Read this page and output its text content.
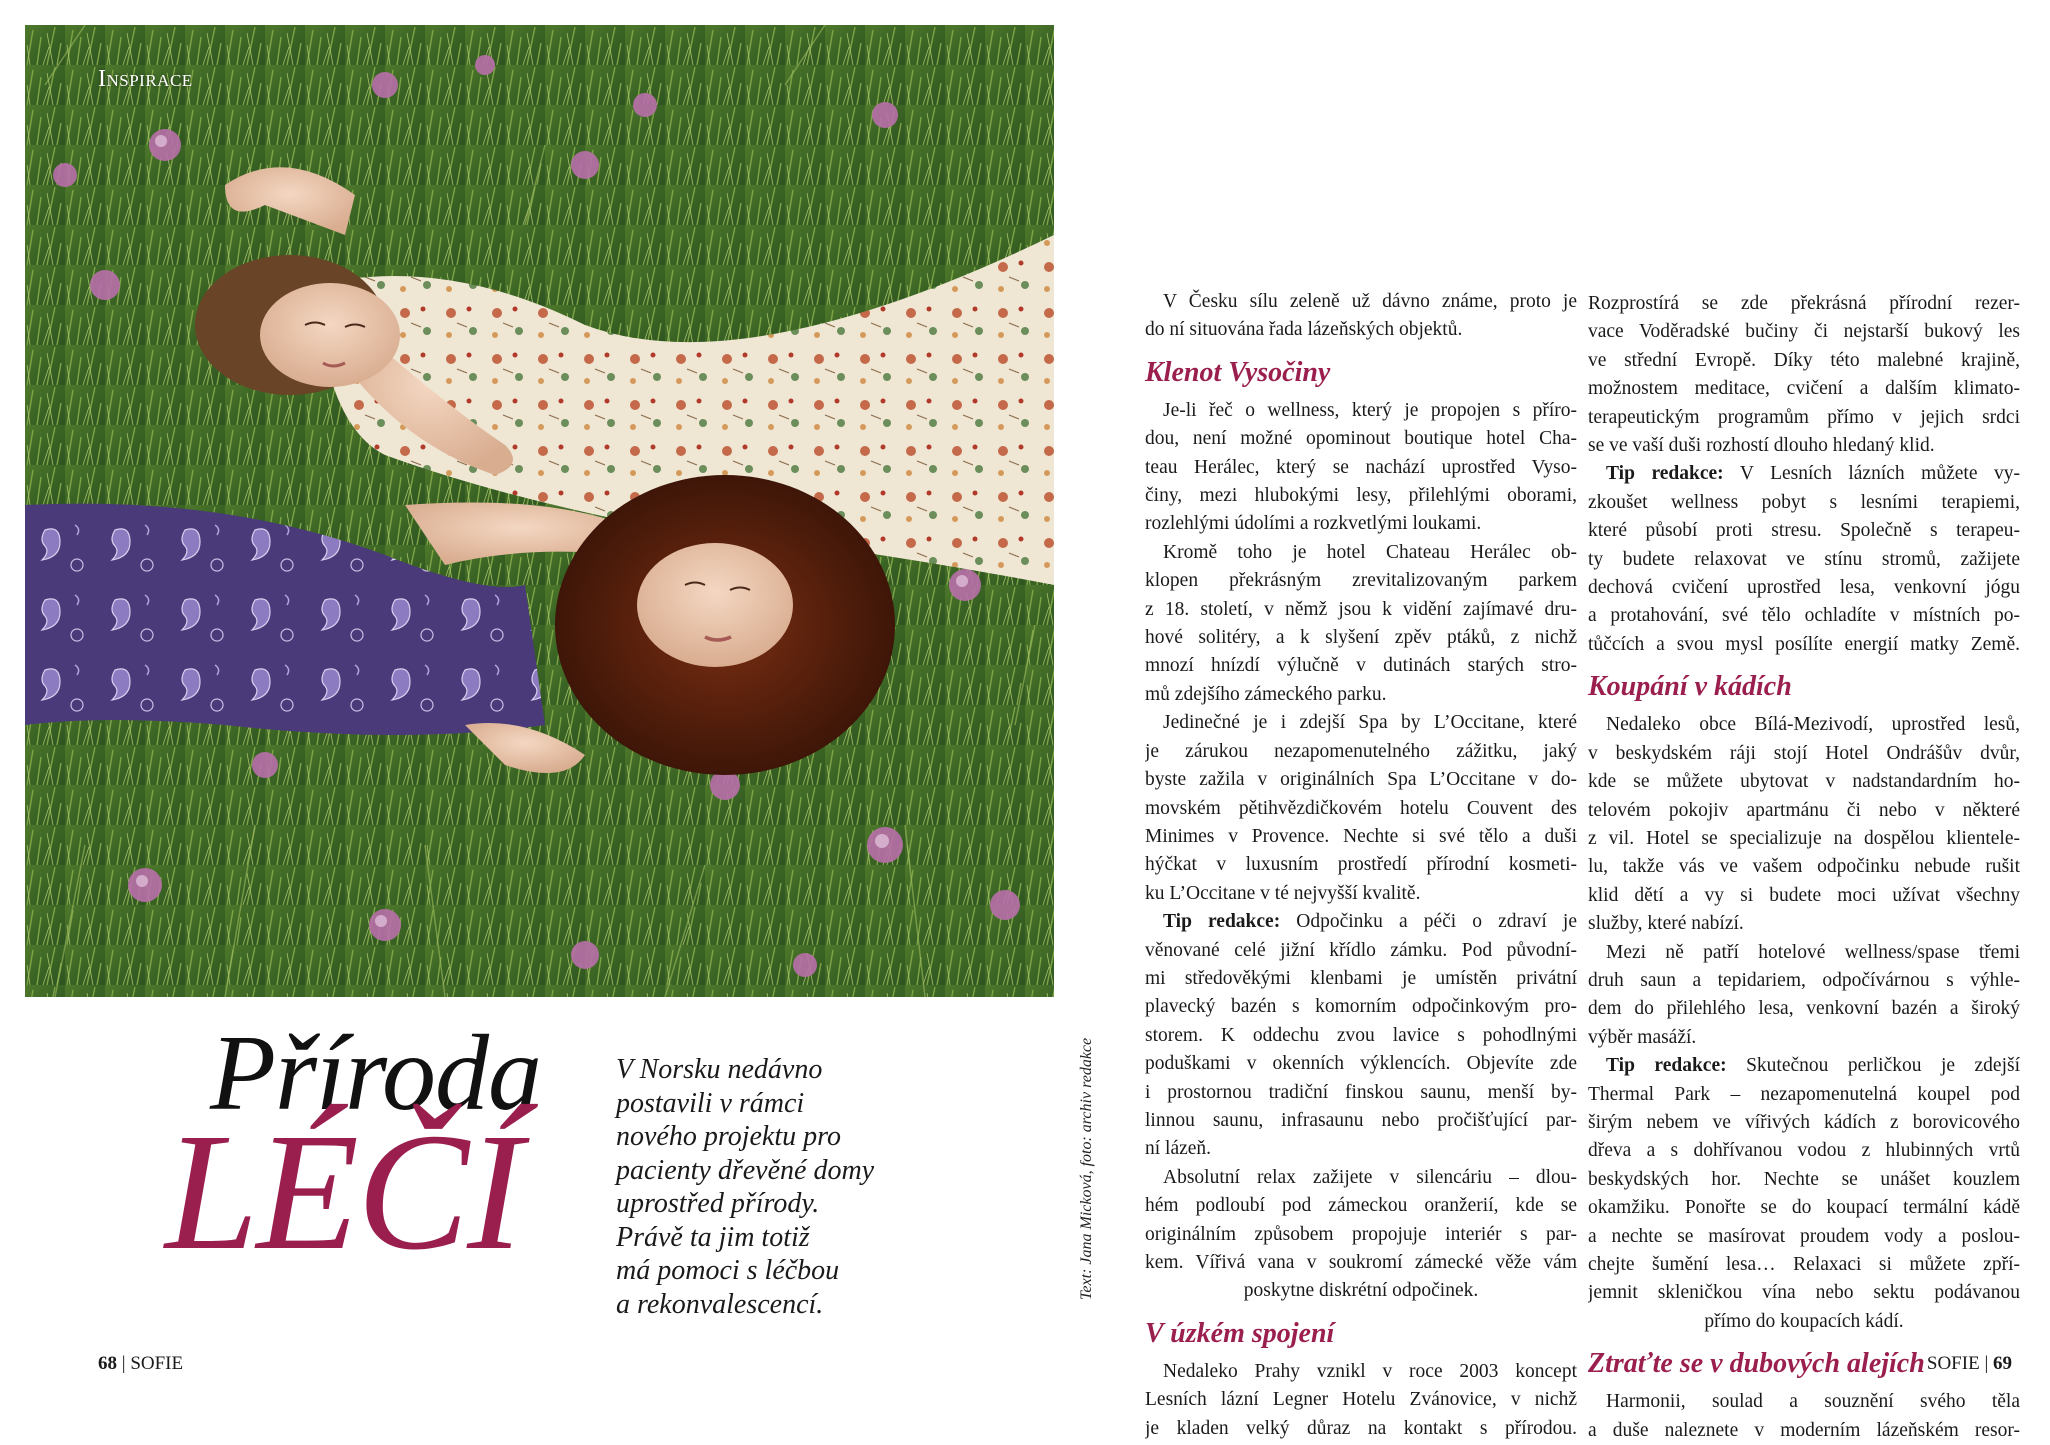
Inspirace
Příroda
LÉČÍ
V Norsku nedávno
postavili v rámci
nového projektu pro
pacienty dřevěné domy
uprostřed přírody.
Právě ta jim totiž
má pomoci s léčbou
a rekonvalescencí.
Text: Jana Micková, foto: archiv redakce
V Česku sílu zeleně už dávno známe, proto je
do ní situována řada lázeňských objektů.
Klenot Vysočiny
Je-li řeč o wellness, který je propojen s příro-
dou, není možné opominout boutique hotel Cha-
teau Herálec, který se nachází uprostřed Vyso-
činy, mezi hlubokými lesy, přilehlými oborami,
rozlehlými údolími a rozkvetlými loukami.
Kromě toho je hotel Chateau Herálec ob-
klopen překrásným zrevitalizovaným parkem
z 18. století, v němž jsou k vidění zajímavé dru-
hové solitéry, a k slyšení zpěv ptáků, z nichž
mnozí hnízdí výlučně v dutinách starých stro-
mů zdejšího zámeckého parku.
Jedinečné je i zdejší Spa by L’Occitane, které
je zárukou nezapomenutelného zážitku, jaký
byste zažila v originálních Spa L’Occitane v do-
movském pětihvězdičkovém hotelu Couvent des
Minimes v Provence. Nechte si své tělo a duši
hýčkat v luxusním prostředí přírodní kosmeti-
ku L’Occitane v té nejvyšší kvalitě.
Tip redakce: Odpočinku a péči o zdraví je
věnované celé jižní křídlo zámku. Pod původní-
mi středověkými klenbami je umístěn privátní
plavecký bazén s komorním odpočinkovým pro-
storem. K oddechu zvou lavice s pohodlnými
poduškami v okenních výklencích. Objevíte zde
i prostornou tradiční finskou saunu, menší by-
linnou saunu, infrasaunu nebo pročišťující par-
ní lázeň.
Absolutní relax zažijete v silencáriu – dlou-
hém podloubí pod zámeckou oranžerií, kde se
originálním způsobem propojuje interiér s par-
kem. Vířivá vana v soukromí zámecké věže vám
poskytne diskrétní odpočinek.
V úzkém spojení
Nedaleko Prahy vznikl v roce 2003 koncept
Lesních lázní Legner Hotelu Zvánovice, v nichž
je kladen velký důraz na kontakt s přírodou.
Rozprostírá se zde překrásná přírodní rezer-
vace Voděradské bučiny či nejstarší bukový les
ve střední Evropě. Díky této malebné krajině,
možnostem meditace, cvičení a dalším klimato-
terapeutickým programům přímo v jejich srdci
se ve vaší duši rozhostí dlouho hledaný klid.
Tip redakce: V Lesních lázních můžete vy-
zkoušet wellness pobyt s lesními terapiemi,
které působí proti stresu. Společně s terapeu-
ty budete relaxovat ve stínu stromů, zažijete
dechová cvičení uprostřed lesa, venkovní jógu
a protahování, své tělo ochladíte v místních po-
tůčcích a svou mysl posílíte energií matky Země.
Koupání v kádích
Nedaleko obce Bílá-Mezivodí, uprostřed lesů,
v beskydském ráji stojí Hotel Ondrášův dvůr,
kde se můžete ubytovat v nadstandardním ho-
telovém pokojiv apartmánu či nebo v některé
z vil. Hotel se specializuje na dospělou klientele-
lu, takže vás ve vašem odpočinku nebude rušit
klid dětí a vy si budete moci užívat všechny
služby, které nabízí.
Mezi ně patří hotelové wellness/spase třemi
druh saun a tepidariem, odpočívárnou s výhle-
dem do přilehlého lesa, venkovní bazén a široký
výběr masáží.
Tip redakce: Skutečnou perličkou je zdejší
Thermal Park – nezapomenutelná koupel pod
širým nebem ve vířivých kádích z borovicového
dřeva a s dohřívanou vodou z hlubinných vrtů
beskydských hor. Nechte se unášet kouzlem
okamžiku. Ponořte se do koupací termální kádě
a nechte se masírovat proudem vody a poslou-
chejte šumění lesa… Relaxaci si můžete zpří-
jemnit skleničkou vína nebo sektu podávanou
přímo do koupacích kádí.
Ztraťte se v dubových alejích
Harmonii, soulad a souznění svého těla
a duše naleznete v moderním lázeňském resor-
68 | SOFIE	SOFIE | 69
